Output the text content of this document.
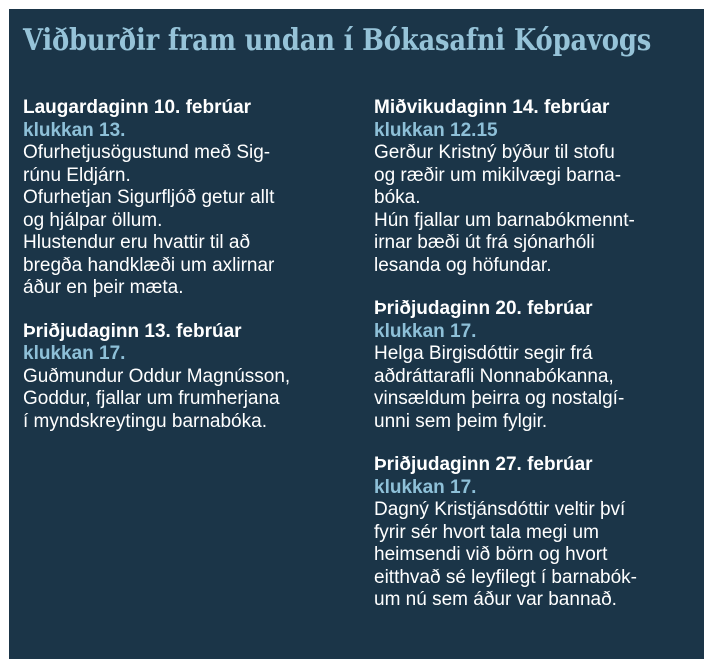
Viðburðir fram undan í Bókasafni Kópavogs
Laugardaginn 10. febrúar
klukkan 13.
Ofurhetjusögustund með Sig-
rúnu Eldjárn.
Ofurhetjan Sigurfljóð getur allt
og hjálpar öllum.
Hlustendur eru hvattir til að
bregða handklæði um axlirnar
áður en þeir mæta.
Þriðjudaginn 13. febrúar
klukkan 17.
Guðmundur Oddur Magnússon,
Goddur, fjallar um frumherjana
í myndskreytingu barnabóka.
Miðvikudaginn 14. febrúar
klukkan 12.15
Gerður Kristný býður til stofu
og ræðir um mikilvægi barna-
bóka.
Hún fjallar um barnabókmennt-
irnar bæði út frá sjónarhóli
lesanda og höfundar.
Þriðjudaginn 20. febrúar
klukkan 17.
Helga Birgisdóttir segir frá
aðdráttarafli Nonnabókanna,
vinsældum þeirra og nostalgí-
unni sem þeim fylgir.
Þriðjudaginn 27. febrúar
klukkan 17.
Dagný Kristjánsdóttir veltir því
fyrir sér hvort tala megi um
heimsendi við börn og hvort
eitthvað sé leyfilegt í barnabók-
um nú sem áður var bannað.
